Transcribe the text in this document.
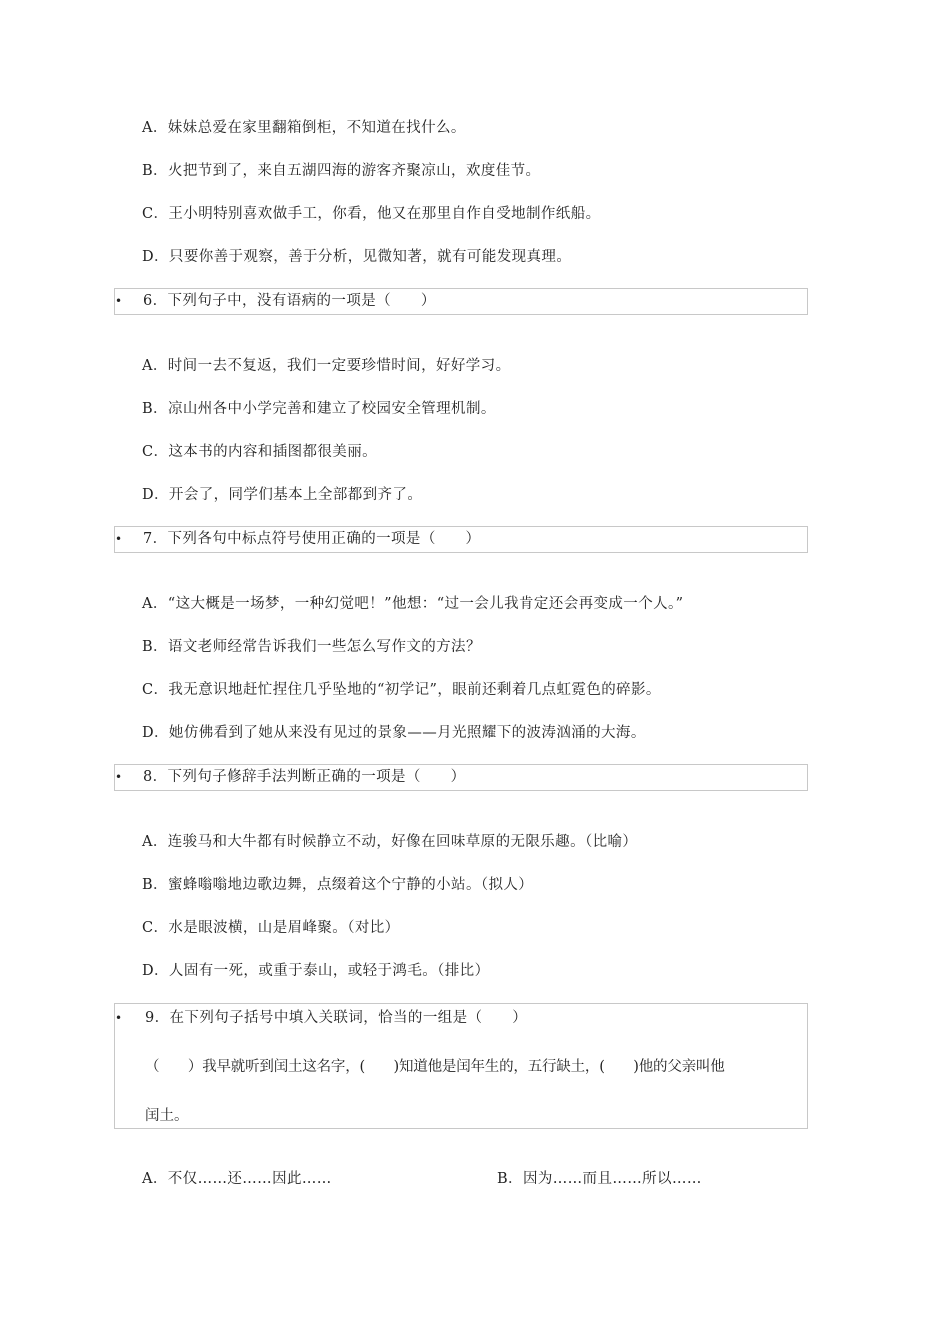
A．妹妹总爱在家里翻箱倒柜，不知道在找什么。
B．火把节到了，来自五湖四海的游客齐聚凉山，欢度佳节。
C．王小明特别喜欢做手工，你看，他又在那里自作自受地制作纸船。
D．只要你善于观察，善于分析，见微知著，就有可能发现真理。
• 6．下列句子中，没有语病的一项是（　　）
A．时间一去不复返，我们一定要珍惜时间，好好学习。
B．凉山州各中小学完善和建立了校园安全管理机制。
C．这本书的内容和插图都很美丽。
D．开会了，同学们基本上全部都到齐了。
• 7．下列各句中标点符号使用正确的一项是（　　）
A．“这大概是一场梦，一种幻觉吧！”他想：“过一会儿我肯定还会再变成一个人。”
B．语文老师经常告诉我们一些怎么写作文的方法？
C．我无意识地赶忙捏住几乎坠地的“初学记”，眼前还剩着几点虹霓色的碎影。
D．她仿佛看到了她从来没有见过的景象——月光照耀下的波涛汹涌的大海。
• 8．下列句子修辞手法判断正确的一项是（　　）
A．连骏马和大牛都有时候静立不动，好像在回味草原的无限乐趣。（比喻）
B．蜜蜂嗡嗡地边歌边舞，点缀着这个宁静的小站。（拟人）
C．水是眼波横，山是眉峰聚。（对比）
D．人固有一死，或重于泰山，或轻于鸿毛。（排比）
• 9．在下列句子括号中填入关联词，恰当的一组是（　　）
（　　）我早就听到闰土这名字，(　　)知道他是闰年生的，五行缺土，(　　)他的父亲叫他
闰土。
A．不仅……还……因此……	B．因为……而且……所以……
